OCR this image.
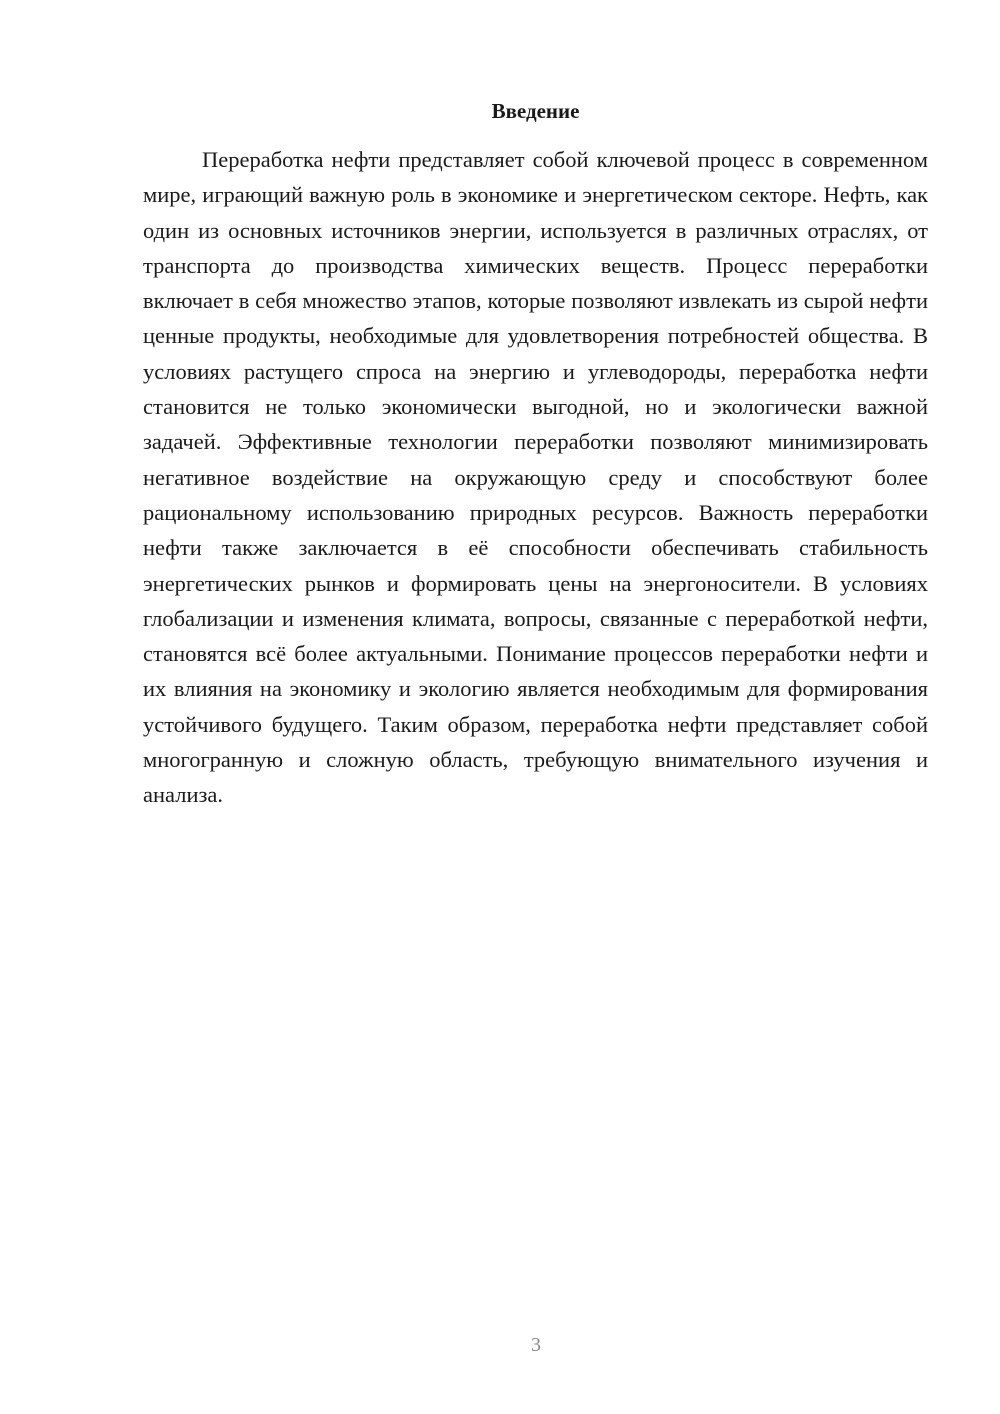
Введение

Переработка нефти представляет собой ключевой процесс в современном мире, играющий важную роль в экономике и энергетическом секторе. Нефть, как один из основных источников энергии, используется в различных отраслях, от транспорта до производства химических веществ. Процесс переработки включает в себя множество этапов, которые позволяют извлекать из сырой нефти ценные продукты, необходимые для удовлетворения потребностей общества. В условиях растущего спроса на энергию и углеводороды, переработка нефти становится не только экономически выгодной, но и экологически важной задачей. Эффективные технологии переработки позволяют минимизировать негативное воздействие на окружающую среду и способствуют более рациональному использованию природных ресурсов. Важность переработки нефти также заключается в её способности обеспечивать стабильность энергетических рынков и формировать цены на энергоносители. В условиях глобализации и изменения климата, вопросы, связанные с переработкой нефти, становятся всё более актуальными. Понимание процессов переработки нефти и их влияния на экономику и экологию является необходимым для формирования устойчивого будущего. Таким образом, переработка нефти представляет собой многогранную и сложную область, требующую внимательного изучения и анализа.

3
